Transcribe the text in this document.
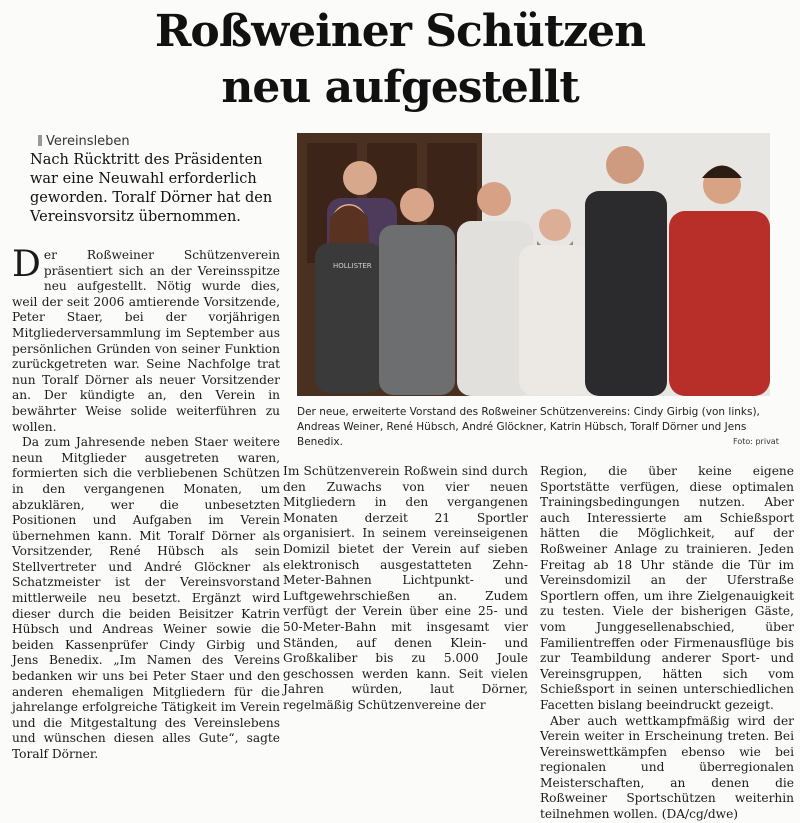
Roßweiner Schützen
neu aufgestellt
Vereinsleben
Nach Rücktritt des Präsidenten war eine Neuwahl erforderlich geworden. Toralf Dörner hat den Vereinsvorsitz übernommen.
HOLLISTER
Der neue, erweiterte Vorstand des Roßweiner Schützenvereins: Cindy Girbig (von links), Andreas Weiner, René Hübsch, André Glöckner, Katrin Hübsch, Toralf Dörner und Jens Benedix.	Foto: privat

Der Roßweiner Schützenverein präsentiert sich an der Vereinsspitze neu aufgestellt. Nötig wurde dies, weil der seit 2006 amtierende Vorsitzende, Peter Staer, bei der vorjährigen Mitgliederversammlung im September aus persönlichen Gründen von seiner Funktion zurückgetreten war. Seine Nachfolge trat nun Toralf Dörner als neuer Vorsitzender an. Der kündigte an, den Verein in bewährter Weise solide weiterführen zu wollen.

Da zum Jahresende neben Staer weitere neun Mitglieder ausgetreten waren, formierten sich die verbliebenen Schützen in den vergangenen Monaten, um abzuklären, wer die unbesetzten Positionen und Aufgaben im Verein übernehmen kann. Mit Toralf Dörner als Vorsitzender, René Hübsch als sein Stellvertreter und André Glöckner als Schatzmeister ist der Vereinsvorstand mittlerweile neu besetzt. Ergänzt wird dieser durch die beiden Beisitzer Katrin Hübsch und Andreas Weiner sowie die beiden Kassenprüfer Cindy Girbig und Jens Benedix. „Im Namen des Vereins bedanken wir uns bei Peter Staer und den anderen ehemaligen Mitgliedern für die jahrelange erfolgreiche Tätigkeit im Verein und die Mitgestaltung des Vereinslebens und wünschen diesen alles Gute“, sagte Toralf Dörner.

Im Schützenverein Roßwein sind durch den Zuwachs von vier neuen Mitgliedern in den vergangenen Monaten derzeit 21 Sportler organisiert. In seinem vereinseigenen Domizil bietet der Verein auf sieben elektronisch ausgestatteten Zehn-Meter-Bahnen Lichtpunkt- und Luftgewehrschießen an. Zudem verfügt der Verein über eine 25- und 50-Meter-Bahn mit insgesamt vier Ständen, auf denen Klein- und Großkaliber bis zu 5.000 Joule geschossen werden kann. Seit vielen Jahren würden, laut Dörner, regelmäßig Schützenvereine der

Region, die über keine eigene Sportstätte verfügen, diese optimalen Trainingsbedingungen nutzen. Aber auch Interessierte am Schießsport hätten die Möglichkeit, auf der Roßweiner Anlage zu trainieren. Jeden Freitag ab 18 Uhr stände die Tür im Vereinsdomizil an der Uferstraße Sportlern offen, um ihre Zielgenauigkeit zu testen. Viele der bisherigen Gäste, vom Junggesellenabschied, über Familientreffen oder Firmenausflüge bis zur Teambildung anderer Sport- und Vereinsgruppen, hätten sich vom Schießsport in seinen unterschiedlichen Facetten bislang beeindruckt gezeigt.

Aber auch wettkampfmäßig wird der Verein weiter in Erscheinung treten. Bei Vereinswettkämpfen ebenso wie bei regionalen und überregionalen Meisterschaften, an denen die Roßweiner Sportschützen weiterhin teilnehmen wollen. (DA/cg/dwe)
